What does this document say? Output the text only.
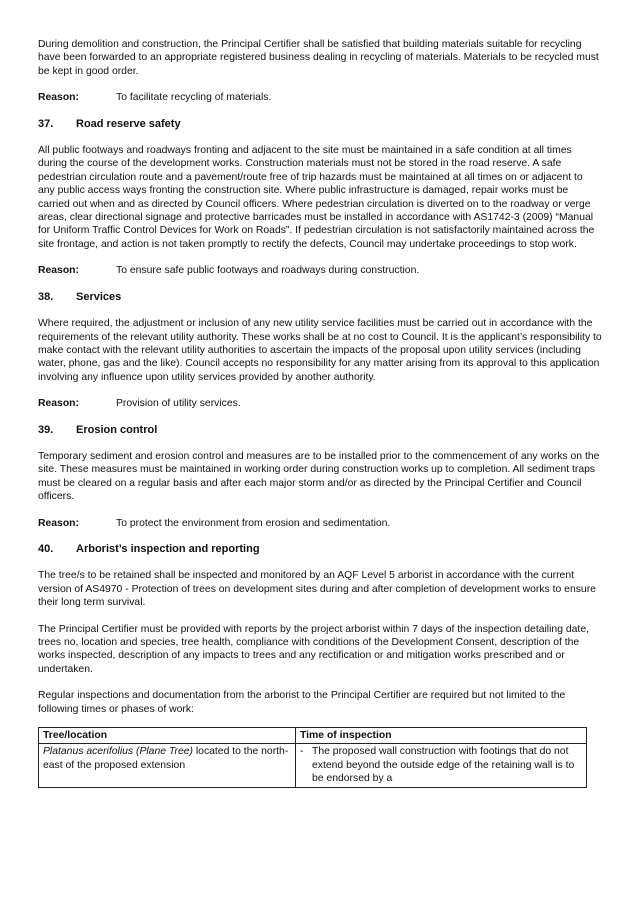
During demolition and construction, the Principal Certifier shall be satisfied that building materials suitable for recycling have been forwarded to an appropriate registered business dealing in recycling of materials. Materials to be recycled must be kept in good order.

Reason:	To facilitate recycling of materials.
37.	Road reserve safety

All public footways and roadways fronting and adjacent to the site must be maintained in a safe condition at all times during the course of the development works. Construction materials must not be stored in the road reserve. A safe pedestrian circulation route and a pavement/route free of trip hazards must be maintained at all times on or adjacent to any public access ways fronting the construction site. Where public infrastructure is damaged, repair works must be carried out when and as directed by Council officers. Where pedestrian circulation is diverted on to the roadway or verge areas, clear directional signage and protective barricades must be installed in accordance with AS1742-3 (2009) “Manual for Uniform Traffic Control Devices for Work on Roads”. If pedestrian circulation is not satisfactorily maintained across the site frontage, and action is not taken promptly to rectify the defects, Council may undertake proceedings to stop work.

Reason:	To ensure safe public footways and roadways during construction.
38.	Services

Where required, the adjustment or inclusion of any new utility service facilities must be carried out in accordance with the requirements of the relevant utility authority. These works shall be at no cost to Council. It is the applicant’s responsibility to make contact with the relevant utility authorities to ascertain the impacts of the proposal upon utility services (including water, phone, gas and the like). Council accepts no responsibility for any matter arising from its approval to this application involving any influence upon utility services provided by another authority.

Reason:	Provision of utility services.
39.	Erosion control

Temporary sediment and erosion control and measures are to be installed prior to the commencement of any works on the site. These measures must be maintained in working order during construction works up to completion. All sediment traps must be cleared on a regular basis and after each major storm and/or as directed by the Principal Certifier and Council officers.

Reason:	To protect the environment from erosion and sedimentation.
40.	Arborist’s inspection and reporting

The tree/s to be retained shall be inspected and monitored by an AQF Level 5 arborist in accordance with the current version of AS4970 - Protection of trees on development sites during and after completion of development works to ensure their long term survival.

The Principal Certifier must be provided with reports by the project arborist within 7 days of the inspection detailing date, trees no, location and species, tree health, compliance with conditions of the Development Consent, description of the works inspected, description of any impacts to trees and any rectification or and mitigation works prescribed and or undertaken.

Regular inspections and documentation from the arborist to the Principal Certifier are required but not limited to the following times or phases of work:

Tree/location	Time of inspection
Platanus acerifolius (Plane Tree) located to the north-east of the proposed extension	- The proposed wall construction with footings that do not extend beyond the outside edge of the retaining wall is to be endorsed by a
